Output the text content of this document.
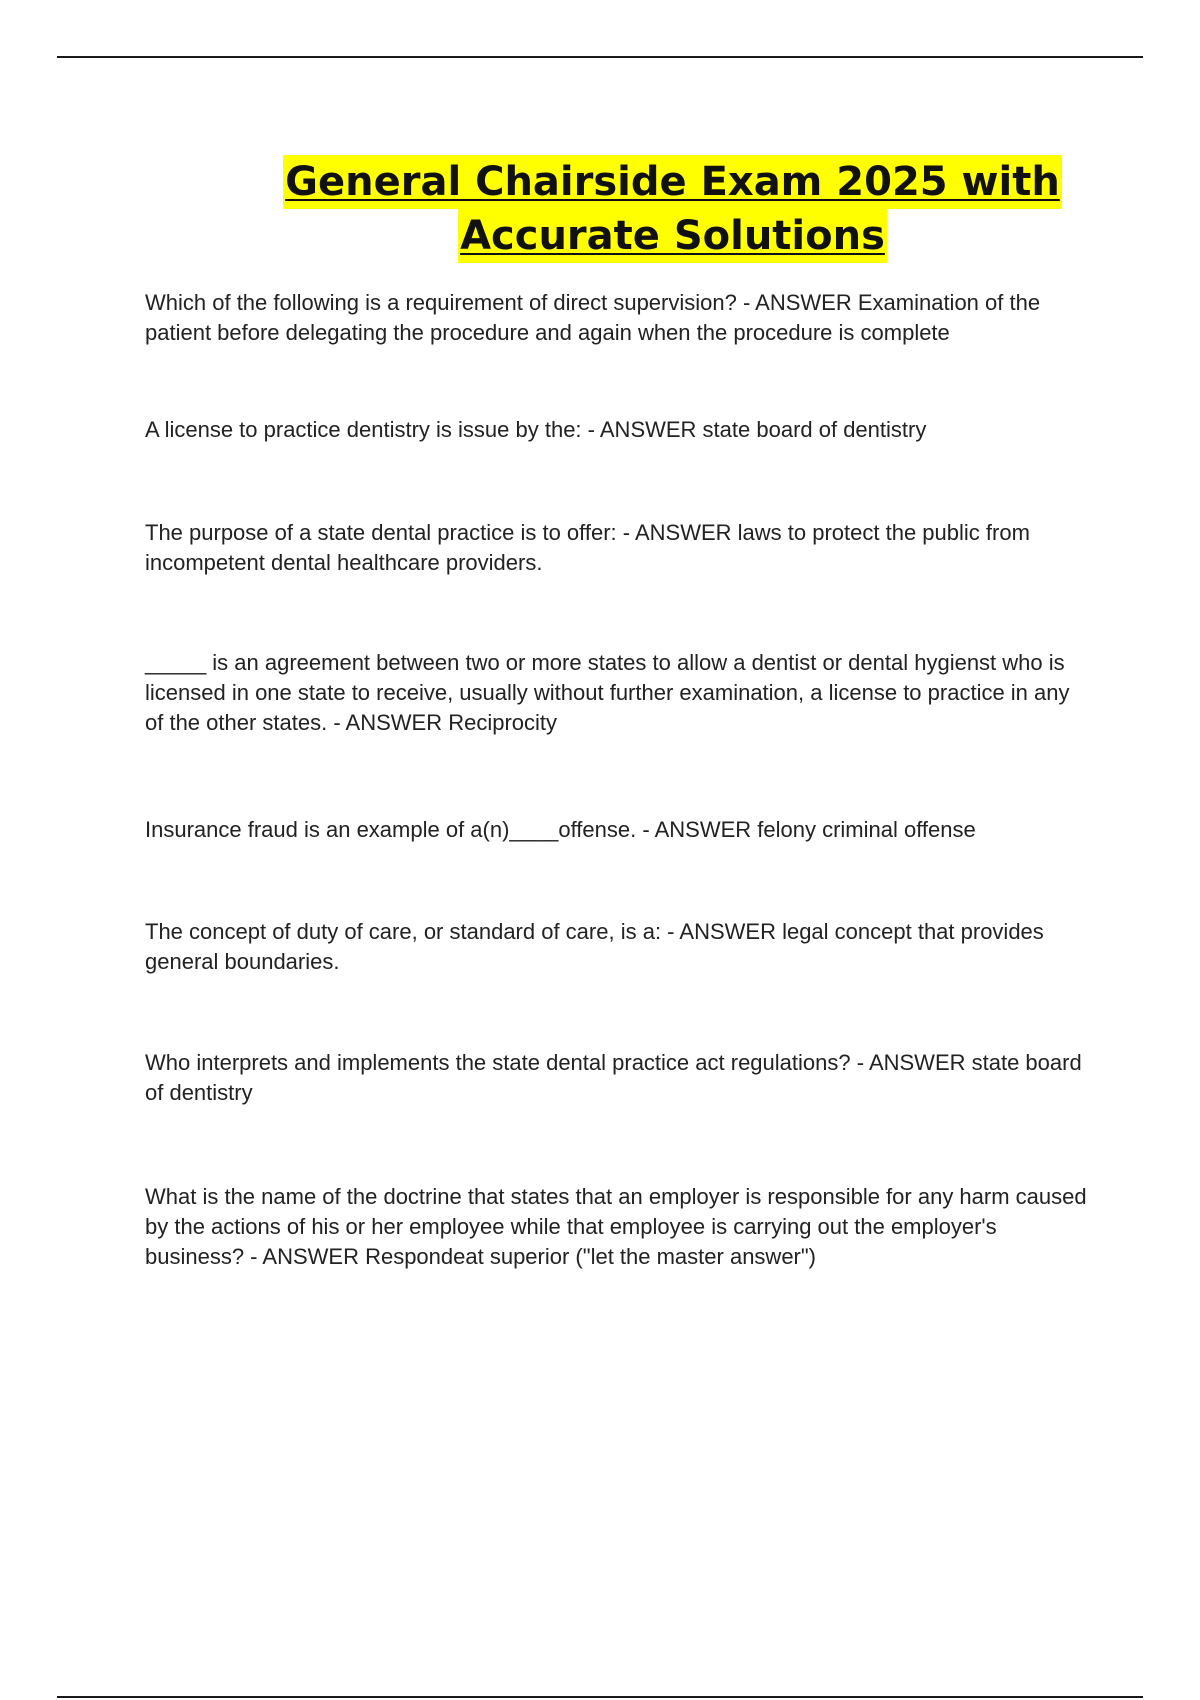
General Chairside Exam 2025 with
Accurate Solutions

Which of the following is a requirement of direct supervision? - ANSWER Examination of the patient before delegating the procedure and again when the procedure is complete

A license to practice dentistry is issue by the: - ANSWER state board of dentistry

The purpose of a state dental practice is to offer: - ANSWER laws to protect the public from incompetent dental healthcare providers.

_____ is an agreement between two or more states to allow a dentist or dental hygienst who is licensed in one state to receive, usually without further examination, a license to practice in any of the other states. - ANSWER Reciprocity

Insurance fraud is an example of a(n)____offense. - ANSWER felony criminal offense

The concept of duty of care, or standard of care, is a: - ANSWER legal concept that provides general boundaries.

Who interprets and implements the state dental practice act regulations? - ANSWER state board of dentistry

What is the name of the doctrine that states that an employer is responsible for any harm caused by the actions of his or her employee while that employee is carrying out the employer's business? - ANSWER Respondeat superior ("let the master answer")
